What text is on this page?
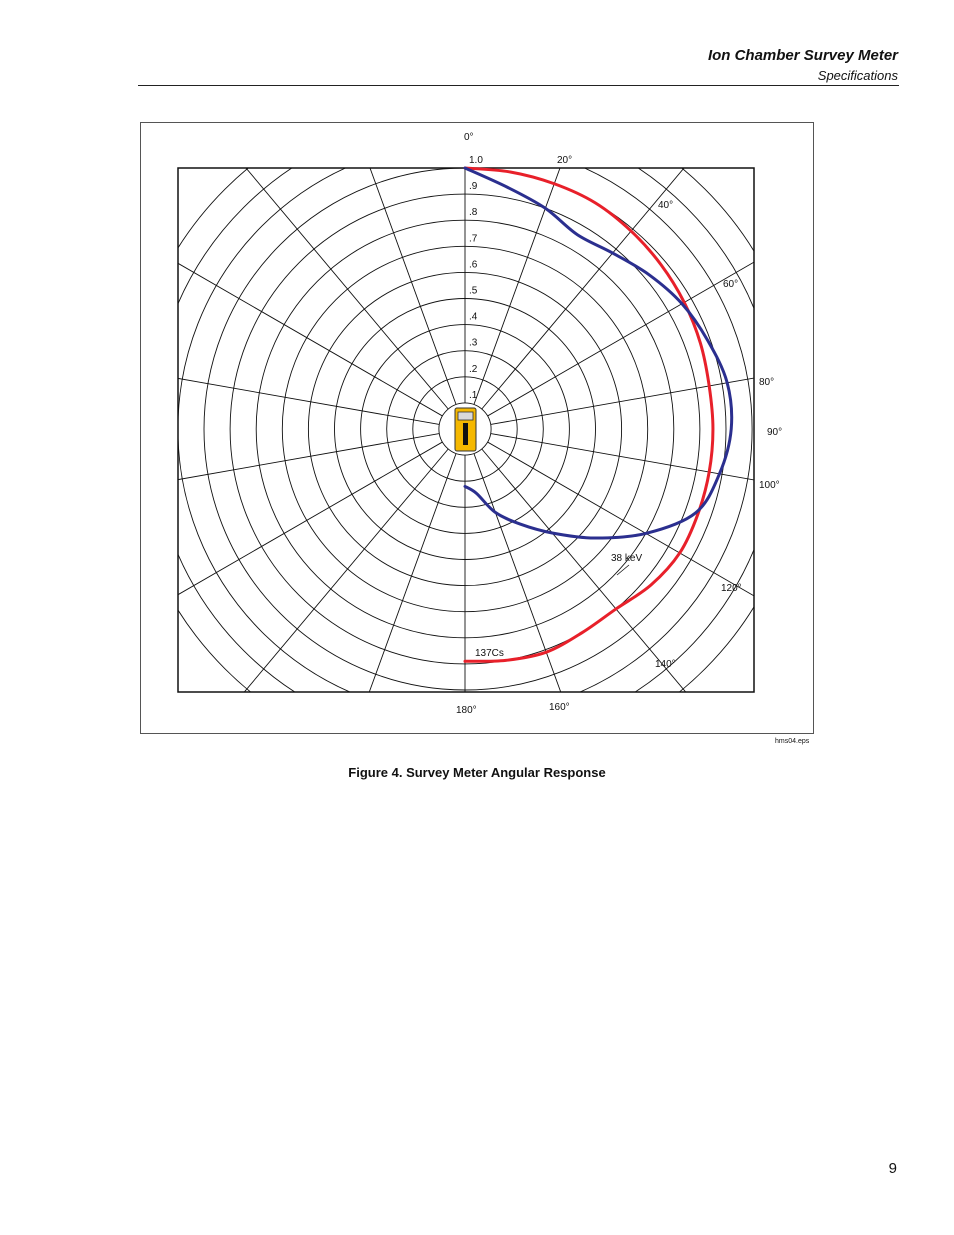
Ion Chamber Survey Meter
Specifications
.1
.2
.3
.4
.5
.6
.7
.8
.9
1.0
0°
20°
40°
60°
80°
90°
100°
120°
140°
160°
180°
38 keV
137Cs
hms04.eps
Figure 4. Survey Meter Angular Response
9
